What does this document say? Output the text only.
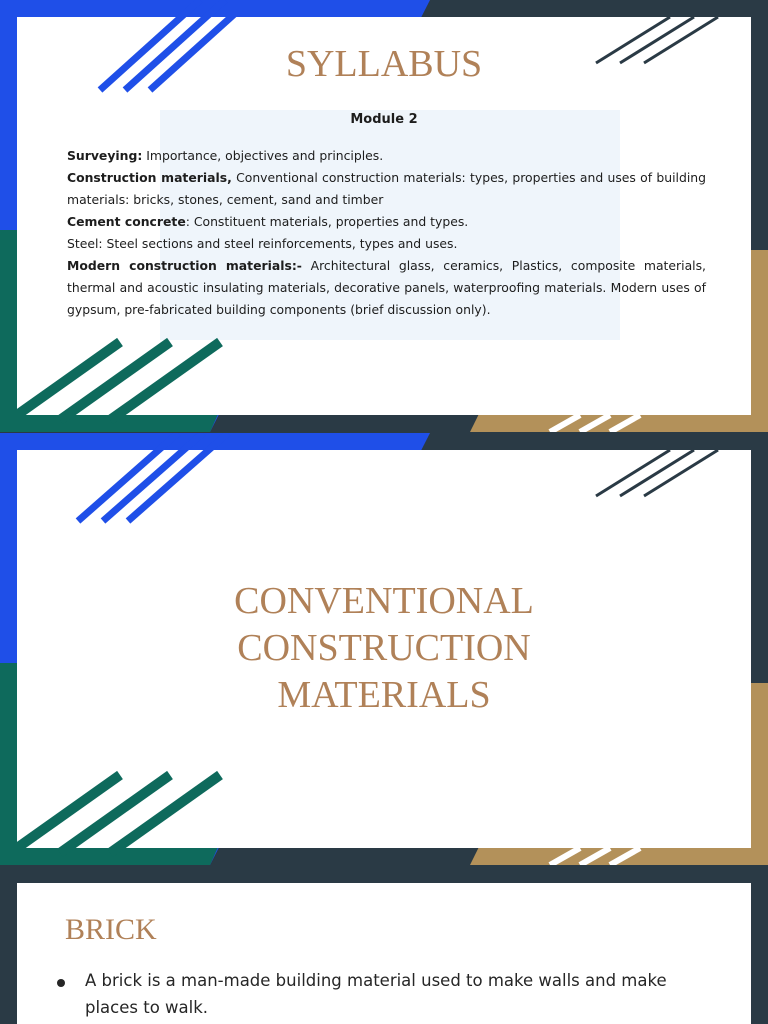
SYLLABUS
Module 2

Surveying: Importance, objectives and principles.

Construction materials, Conventional construction materials: types, properties and uses of building materials: bricks, stones, cement, sand and timber

Cement concrete: Constituent materials, properties and types.

Steel: Steel sections and steel reinforcements, types and uses.

Modern construction materials:- Architectural glass, ceramics, Plastics, composite materials, thermal and acoustic insulating materials, decorative panels, waterproofing materials. Modern uses of gypsum, pre-fabricated building components (brief discussion only).

CONVENTIONAL
CONSTRUCTION
MATERIALS
BRICK
A brick is a man-made building material used to make walls and make places to walk.
